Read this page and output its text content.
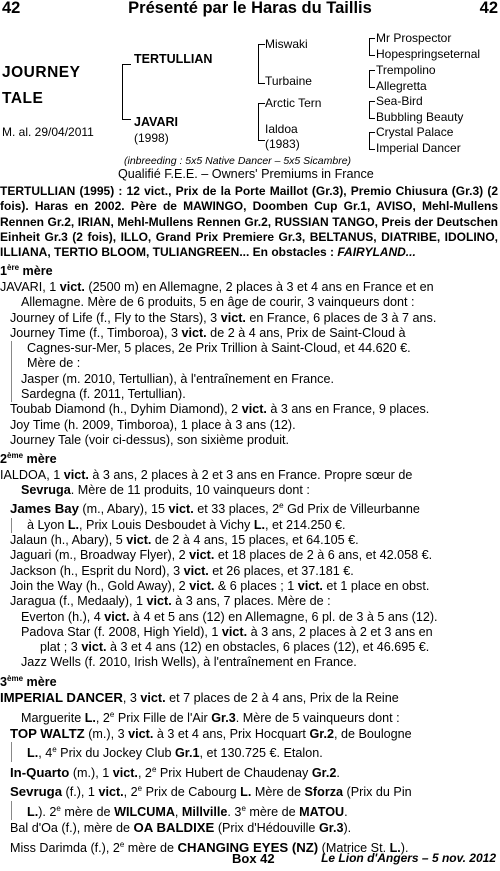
42	Présenté par le Haras du Taillis	42
JOURNEY
TALE
M. al. 29/04/2011
TERTULLIAN
JAVARI
(1998)
Miswaki
Turbaine
Arctic Tern
Ialdoa
(1983)
Mr Prospector
Hopespringseternal
Trempolino
Allegretta
Sea-Bird
Bubbling Beauty
Crystal Palace
Imperial Dancer
(inbreeding : 5x5 Native Dancer – 5x5 Sicambre)
Qualifié F.E.E. – Owners' Premiums in France

TERTULLIAN (1995) : 12 vict., Prix de la Porte Maillot (Gr.3), Premio Chiusura (Gr.3) (2 fois). Haras en 2002. Père de MAWINGO, Doomben Cup Gr.1, AVISO, Mehl-Mullens Rennen Gr.2, IRIAN, Mehl-Mullens Rennen Gr.2, RUSSIAN TANGO, Preis der Deutschen Einheit Gr.3 (2 fois), ILLO, Grand Prix Premiere Gr.3, BELTANUS, DIATRIBE, IDOLINO, ILLIANA, TERTIO BLOOM, TULIANGREEN... En obstacles : FAIRYLAND...

1ère mère

JAVARI, 1 vict. (2500 m) en Allemagne, 2 places à 3 et 4 ans en France et en

Allemagne. Mère de 6 produits, 5 en âge de courir, 3 vainqueurs dont :

Journey of Life (f., Fly to the Stars), 3 vict. en France, 6 places de 3 à 7 ans.

Journey Time (f., Timboroa), 3 vict. de 2 à 4 ans, Prix de Saint-Cloud à

Cagnes-sur-Mer, 5 places, 2e Prix Trillion à Saint-Cloud, et 44.620 €.

Mère de :

Jasper (m. 2010, Tertullian), à l'entraînement en France.

Sardegna (f. 2011, Tertullian).

Toubab Diamond (h., Dyhim Diamond), 2 vict. à 3 ans en France, 9 places.

Joy Time (h. 2009, Timboroa), 1 place à 3 ans (12).

Journey Tale (voir ci-dessus), son sixième produit.

2ème mère

IALDOA, 1 vict. à 3 ans, 2 places à 2 et 3 ans en France. Propre sœur de

Sevruga. Mère de 11 produits, 10 vainqueurs dont :

James Bay (m., Abary), 15 vict. et 33 places, 2e Gd Prix de Villeurbanne

à Lyon L., Prix Louis Desboudet à Vichy L., et 214.250 €.

Jalaun (h., Abary), 5 vict. de 2 à 4 ans, 15 places, et 64.105 €.

Jaguari (m., Broadway Flyer), 2 vict. et 18 places de 2 à 6 ans, et 42.058 €.

Jackson (h., Esprit du Nord), 3 vict. et 26 places, et 37.181 €.

Join the Way (h., Gold Away), 2 vict. & 6 places ; 1 vict. et 1 place en obst.

Jaragua (f., Medaaly), 1 vict. à 3 ans, 7 places. Mère de :

Everton (h.), 4 vict. à 4 et 5 ans (12) en Allemagne, 6 pl. de 3 à 5 ans (12).

Padova Star (f. 2008, High Yield), 1 vict. à 3 ans, 2 places à 2 et 3 ans en

plat ; 3 vict. à 3 et 4 ans (12) en obstacles, 6 places (12), et 46.695 €.

Jazz Wells (f. 2010, Irish Wells), à l'entraînement en France.

3ème mère

IMPERIAL DANCER, 3 vict. et 7 places de 2 à 4 ans, Prix de la Reine

Marguerite L., 2e Prix Fille de l'Air Gr.3. Mère de 5 vainqueurs dont :

TOP WALTZ (m.), 3 vict. à 3 et 4 ans, Prix Hocquart Gr.2, de Boulogne

L., 4e Prix du Jockey Club Gr.1, et 130.725 €. Etalon.

In-Quarto (m.), 1 vict., 2e Prix Hubert de Chaudenay Gr.2.

Sevruga (f.), 1 vict., 2e Prix de Cabourg L. Mère de Sforza (Prix du Pin

L.). 2e mère de WILCUMA, Millville. 3e mère de MATOU.

Bal d'Oa (f.), mère de OA BALDIXE (Prix d'Hédouville Gr.3).

Miss Darimda (f.), 2e mère de CHANGING EYES (NZ) (Matrice St. L.).

Box 42	Le Lion d'Angers – 5 nov. 2012
